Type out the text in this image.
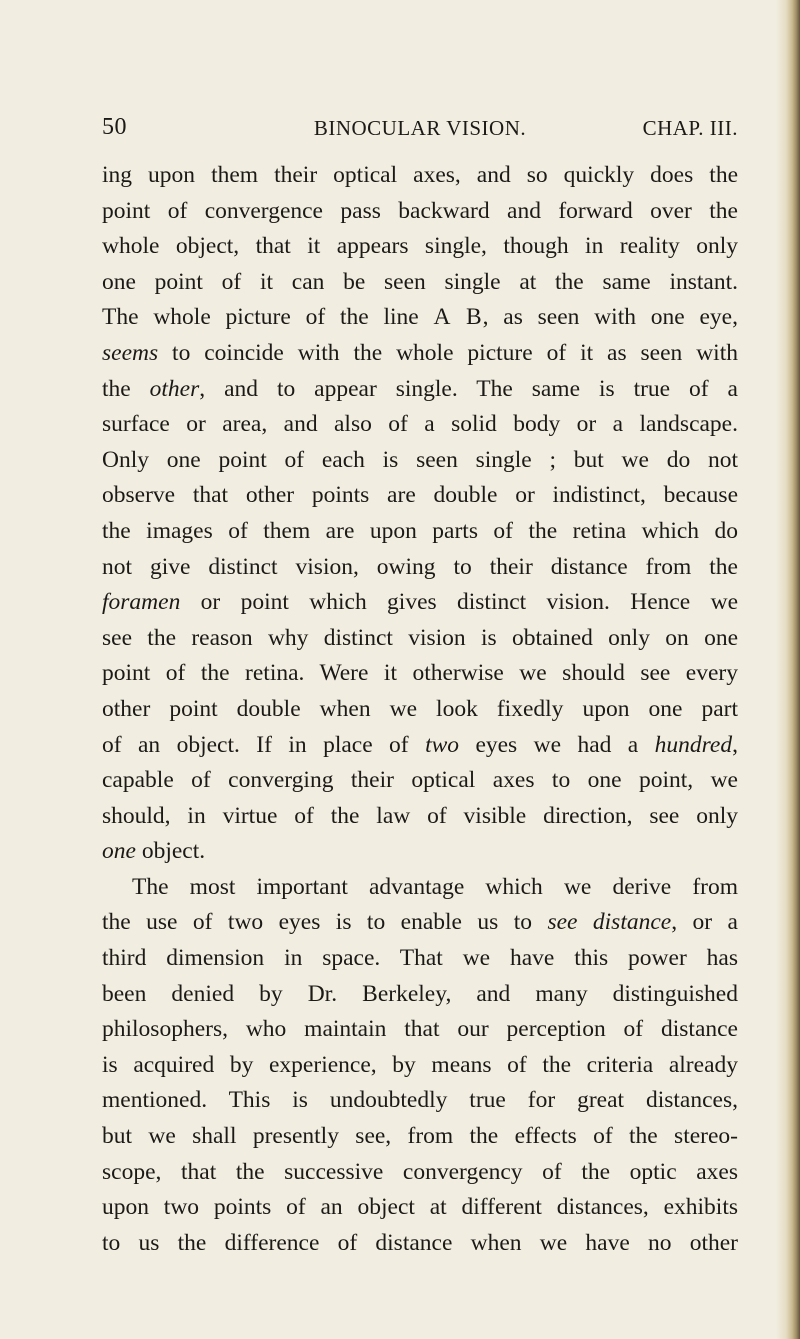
50	BINOCULAR VISION.	CHAP. III.
ing upon them their optical axes, and so quickly does the
point of convergence pass backward and forward over the
whole object, that it appears single, though in reality only
one point of it can be seen single at the same instant.
The whole picture of the line A B, as seen with one eye,
seems to coincide with the whole picture of it as seen with
the other, and to appear single. The same is true of a
surface or area, and also of a solid body or a landscape.
Only one point of each is seen single ; but we do not
observe that other points are double or indistinct, because
the images of them are upon parts of the retina which do
not give distinct vision, owing to their distance from the
foramen or point which gives distinct vision. Hence we
see the reason why distinct vision is obtained only on one
point of the retina. Were it otherwise we should see every
other point double when we look fixedly upon one part
of an object. If in place of two eyes we had a hundred,
capable of converging their optical axes to one point, we
should, in virtue of the law of visible direction, see only
one object.
The most important advantage which we derive from
the use of two eyes is to enable us to see distance, or a
third dimension in space. That we have this power has
been denied by Dr. Berkeley, and many distinguished
philosophers, who maintain that our perception of distance
is acquired by experience, by means of the criteria already
mentioned. This is undoubtedly true for great distances,
but we shall presently see, from the effects of the stereo-
scope, that the successive convergency of the optic axes
upon two points of an object at different distances, exhibits
to us the difference of distance when we have no other
